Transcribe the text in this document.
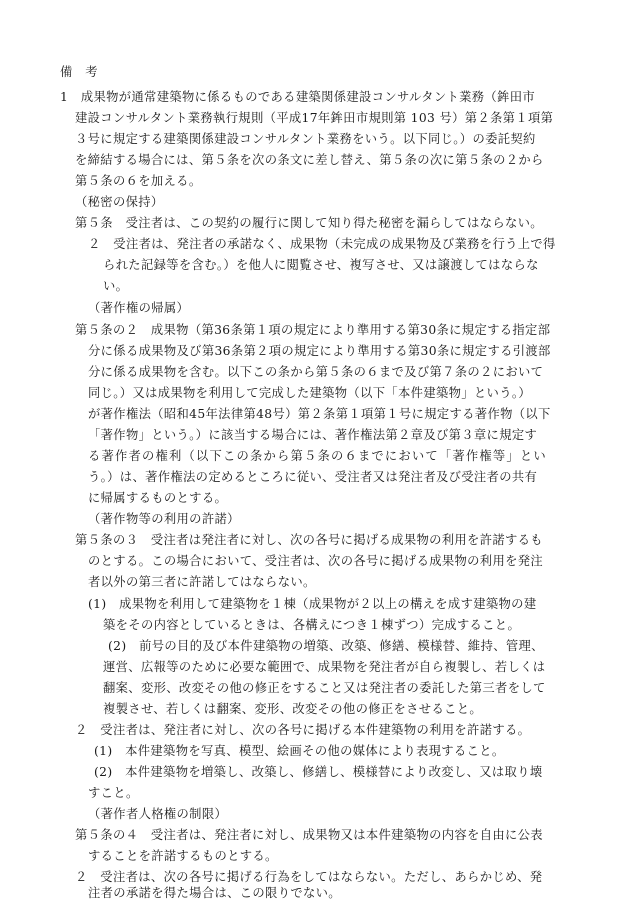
備　考
1　成果物が通常建築物に係るものである建築関係建設コンサルタント業務（鉾田市
建設コンサルタント業務執行規則（平成17年鉾田市規則第 103 号）第２条第１項第
３号に規定する建築関係建設コンサルタント業務をいう。以下同じ。）の委託契約
を締結する場合には、第５条を次の条文に差し替え、第５条の次に第５条の２から
第５条の６を加える。
（秘密の保持）
第５条　受注者は、この契約の履行に関して知り得た秘密を漏らしてはならない。
２　受注者は、発注者の承諾なく、成果物（未完成の成果物及び業務を行う上で得
られた記録等を含む。）を他人に閲覧させ、複写させ、又は譲渡してはならな
い。
（著作権の帰属）
第５条の２　成果物（第36条第１項の規定により準用する第30条に規定する指定部
分に係る成果物及び第36条第２項の規定により準用する第30条に規定する引渡部
分に係る成果物を含む。以下この条から第５条の６まで及び第７条の２において
同じ。）又は成果物を利用して完成した建築物（以下「本件建築物」という。）
が著作権法（昭和45年法律第48号）第２条第１項第１号に規定する著作物（以下
「著作物」という。）に該当する場合には、著作権法第２章及び第３章に規定す
る著作者の権利（以下この条から第５条の６までにおいて「著作権等」とい
う。）は、著作権法の定めるところに従い、受注者又は発注者及び受注者の共有
に帰属するものとする。
（著作物等の利用の許諾）
第５条の３　受注者は発注者に対し、次の各号に掲げる成果物の利用を許諾するも
のとする。この場合において、受注者は、次の各号に掲げる成果物の利用を発注
者以外の第三者に許諾してはならない。
(1)　成果物を利用して建築物を１棟（成果物が２以上の構えを成す建築物の建
築をその内容としているときは、各構えにつき１棟ずつ）完成すること。
(2)　前号の目的及び本件建築物の増築、改築、修繕、模様替、維持、管理、
運営、広報等のために必要な範囲で、成果物を発注者が自ら複製し、若しくは
翻案、変形、改変その他の修正をすること又は発注者の委託した第三者をして
複製させ、若しくは翻案、変形、改変その他の修正をさせること。
２　受注者は、発注者に対し、次の各号に掲げる本件建築物の利用を許諾する。
(1)　本件建築物を写真、模型、絵画その他の媒体により表現すること。
(2)　本件建築物を増築し、改築し、修繕し、模様替により改変し、又は取り壊
すこと。
（著作者人格権の制限）
第５条の４　受注者は、発注者に対し、成果物又は本件建築物の内容を自由に公表
することを許諾するものとする。
２　受注者は、次の各号に掲げる行為をしてはならない。ただし、あらかじめ、発
注者の承諾を得た場合は、この限りでない。
